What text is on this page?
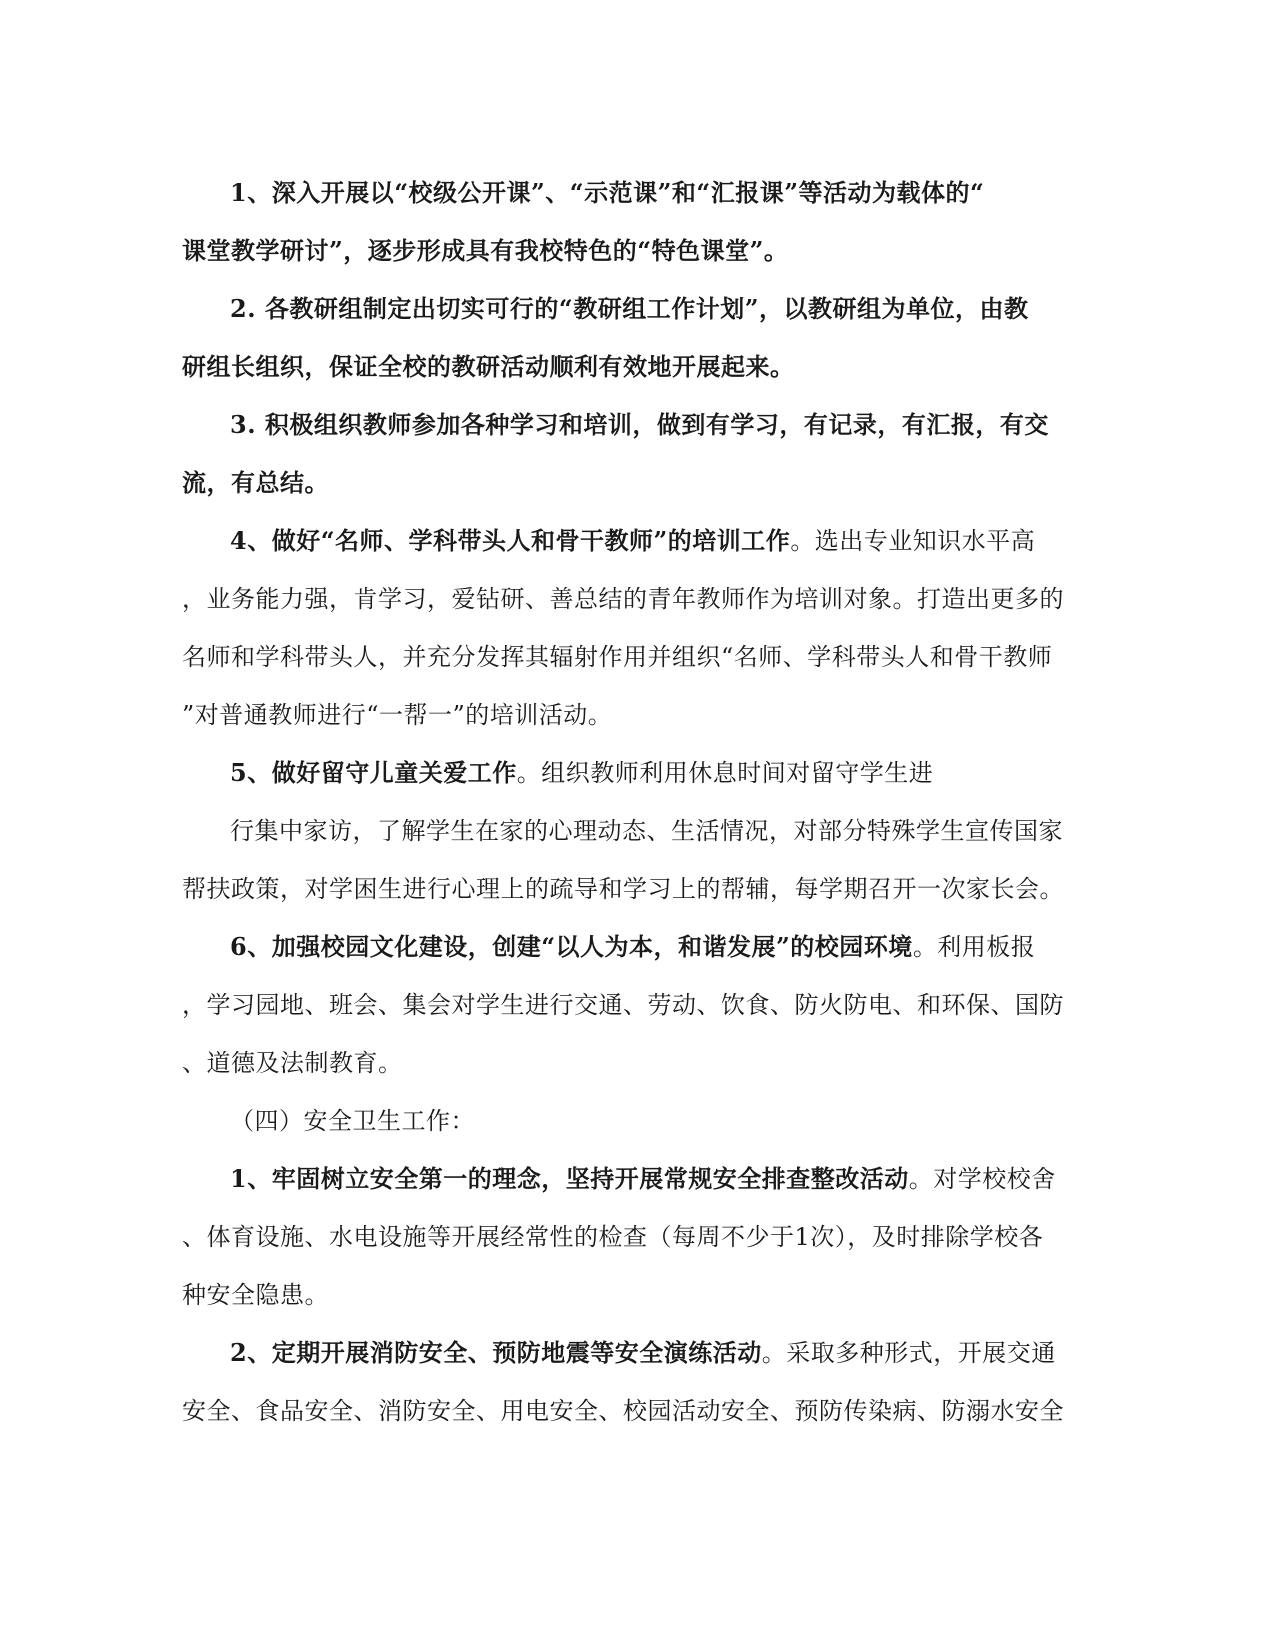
1、深入开展以“校级公开课”、“示范课”和“汇报课”等活动为载体的“
课堂教学研讨”，逐步形成具有我校特色的“特色课堂”。
2. 各教研组制定出切实可行的“教研组工作计划”，以教研组为单位，由教
研组长组织，保证全校的教研活动顺利有效地开展起来。
3. 积极组织教师参加各种学习和培训，做到有学习，有记录，有汇报，有交
流，有总结。
4、做好“名师、学科带头人和骨干教师”的培训工作。选出专业知识水平高
，业务能力强，肯学习，爱钻研、善总结的青年教师作为培训对象。打造出更多的
名师和学科带头人，并充分发挥其辐射作用并组织“名师、学科带头人和骨干教师
”对普通教师进行“一帮一”的培训活动。
5、做好留守儿童关爱工作。组织教师利用休息时间对留守学生进
行集中家访，了解学生在家的心理动态、生活情况，对部分特殊学生宣传国家
帮扶政策，对学困生进行心理上的疏导和学习上的帮辅，每学期召开一次家长会。
6、加强校园文化建设，创建“以人为本，和谐发展”的校园环境。利用板报
，学习园地、班会、集会对学生进行交通、劳动、饮食、防火防电、和环保、国防
、道德及法制教育。
（四）安全卫生工作：
1、牢固树立安全第一的理念，坚持开展常规安全排查整改活动。对学校校舍
、体育设施、水电设施等开展经常性的检查（每周不少于1次），及时排除学校各
种安全隐患。
2、定期开展消防安全、预防地震等安全演练活动。采取多种形式，开展交通
安全、食品安全、消防安全、用电安全、校园活动安全、预防传染病、防溺水安全
